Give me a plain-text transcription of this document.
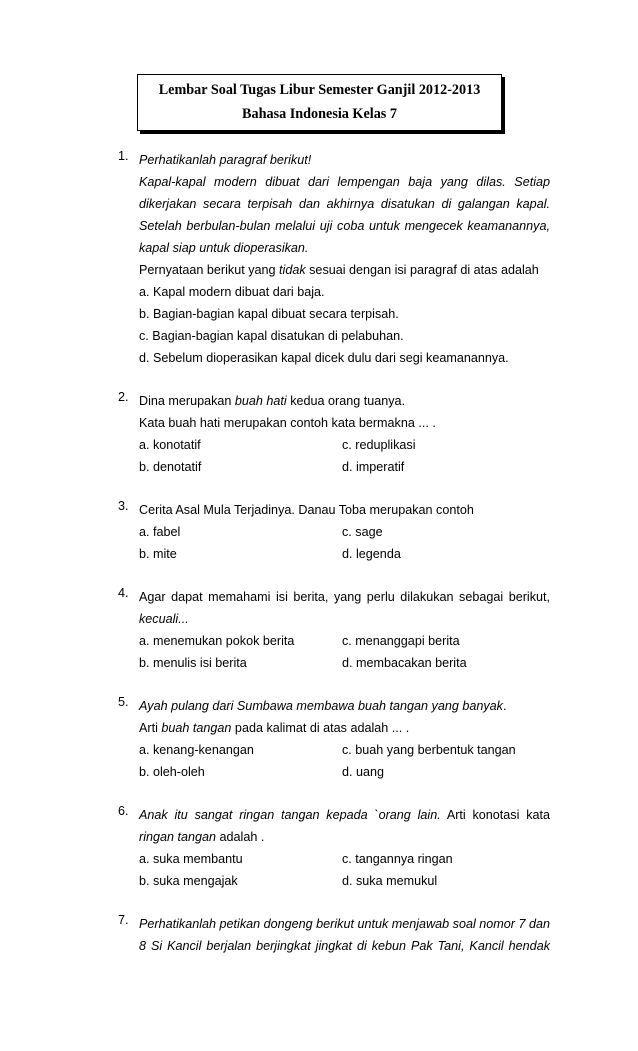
Lembar Soal Tugas Libur Semester Ganjil 2012-2013
Bahasa Indonesia Kelas 7
1. Perhatikanlah paragraf berikut!
Kapal-kapal modern dibuat dari lempengan baja yang dilas. Setiap
dikerjakan secara terpisah dan akhirnya disatukan di galangan kapal.
Setelah berbulan-bulan melalui uji coba untuk mengecek keamanannya,
kapal siap untuk dioperasikan.
Pernyataan berikut yang tidak sesuai dengan isi paragraf di atas adalah
a. Kapal modern dibuat dari baja.
b. Bagian-bagian kapal dibuat secara terpisah.
c. Bagian-bagian kapal disatukan di pelabuhan.
d. Sebelum dioperasikan kapal dicek dulu dari segi keamanannya.
2. Dina merupakan buah hati kedua orang tuanya.
Kata buah hati merupakan contoh kata bermakna ... .
a. konotatif	c. reduplikasi
b. denotatif	d. imperatif
3. Cerita Asal Mula Terjadinya. Danau Toba merupakan contoh
a. fabel	c. sage
b. mite	d. legenda
4. Agar dapat memahami isi berita, yang perlu dilakukan sebagai berikut,
kecuali...
a. menemukan pokok berita	c. menanggapi berita
b. menulis isi berita	d. membacakan berita
5. Ayah pulang dari Sumbawa membawa buah tangan yang banyak.
Arti buah tangan pada kalimat di atas adalah ... .
a. kenang-kenangan	c. buah yang berbentuk tangan
b. oleh-oleh	d. uang
6. Anak itu sangat ringan tangan kepada `orang lain. Arti konotasi kata
ringan tangan adalah .
a. suka membantu	c. tangannya ringan
b. suka mengajak	d. suka memukul
7. Perhatikanlah petikan dongeng berikut untuk menjawab soal nomor 7 dan
8 Si Kancil berjalan berjingkat jingkat di kebun Pak Tani, Kancil hendak
